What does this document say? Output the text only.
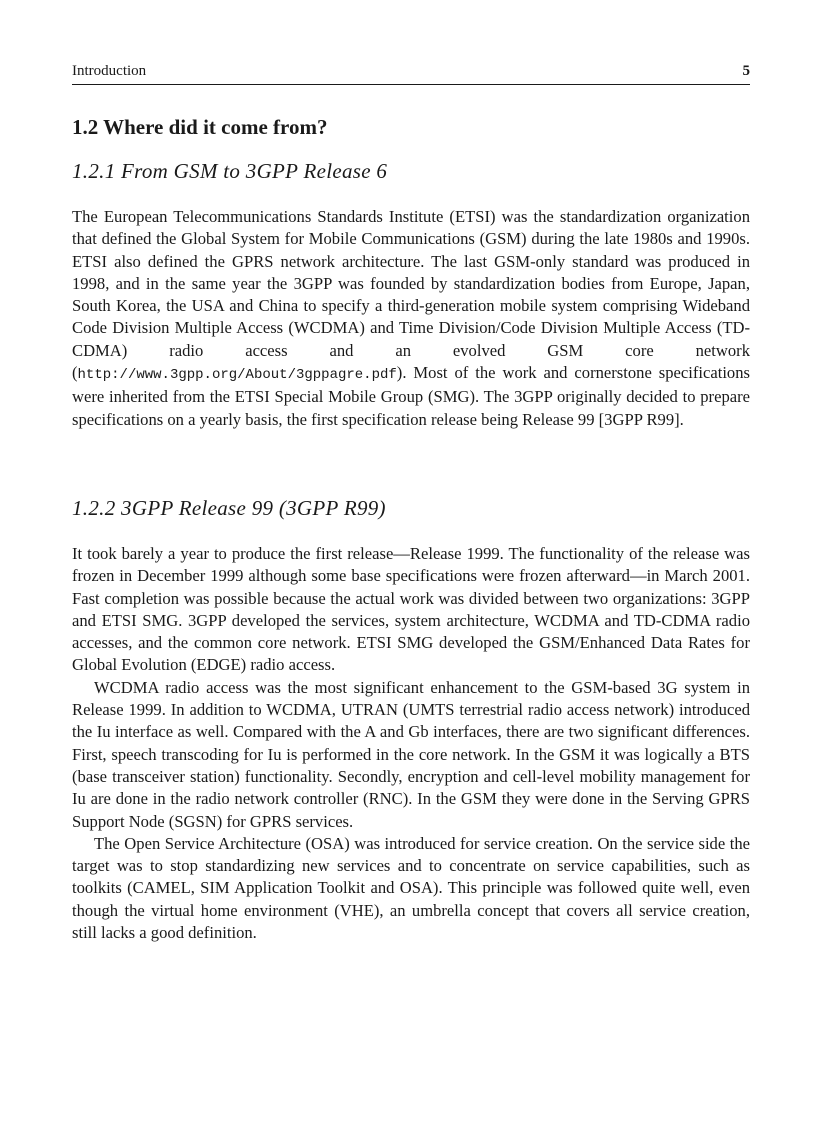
Introduction	5
1.2 Where did it come from?
1.2.1 From GSM to 3GPP Release 6

The European Telecommunications Standards Institute (ETSI) was the standardization organization that defined the Global System for Mobile Communications (GSM) during the late 1980s and 1990s. ETSI also defined the GPRS network architecture. The last GSM-only standard was produced in 1998, and in the same year the 3GPP was founded by standardization bodies from Europe, Japan, South Korea, the USA and China to specify a third-generation mobile system comprising Wideband Code Division Multiple Access (WCDMA) and Time Division/Code Division Multiple Access (TD-CDMA) radio access and an evolved GSM core network (http://www.3gpp.org/About/3gppagre.pdf). Most of the work and cornerstone specifications were inherited from the ETSI Special Mobile Group (SMG). The 3GPP originally decided to prepare specifications on a yearly basis, the first specification release being Release 99 [3GPP R99].

1.2.2 3GPP Release 99 (3GPP R99)

It took barely a year to produce the first release—Release 1999. The functionality of the release was frozen in December 1999 although some base specifications were frozen afterward—in March 2001. Fast completion was possible because the actual work was divided between two organizations: 3GPP and ETSI SMG. 3GPP developed the services, system architecture, WCDMA and TD-CDMA radio accesses, and the common core network. ETSI SMG developed the GSM/Enhanced Data Rates for Global Evolution (EDGE) radio access.

WCDMA radio access was the most significant enhancement to the GSM-based 3G system in Release 1999. In addition to WCDMA, UTRAN (UMTS terrestrial radio access network) introduced the Iu interface as well. Compared with the A and Gb interfaces, there are two significant differences. First, speech transcoding for Iu is performed in the core network. In the GSM it was logically a BTS (base transceiver station) functionality. Secondly, encryption and cell-level mobility management for Iu are done in the radio network controller (RNC). In the GSM they were done in the Serving GPRS Support Node (SGSN) for GPRS services.

The Open Service Architecture (OSA) was introduced for service creation. On the service side the target was to stop standardizing new services and to concentrate on service capabilities, such as toolkits (CAMEL, SIM Application Toolkit and OSA). This principle was followed quite well, even though the virtual home environment (VHE), an umbrella concept that covers all service creation, still lacks a good definition.
